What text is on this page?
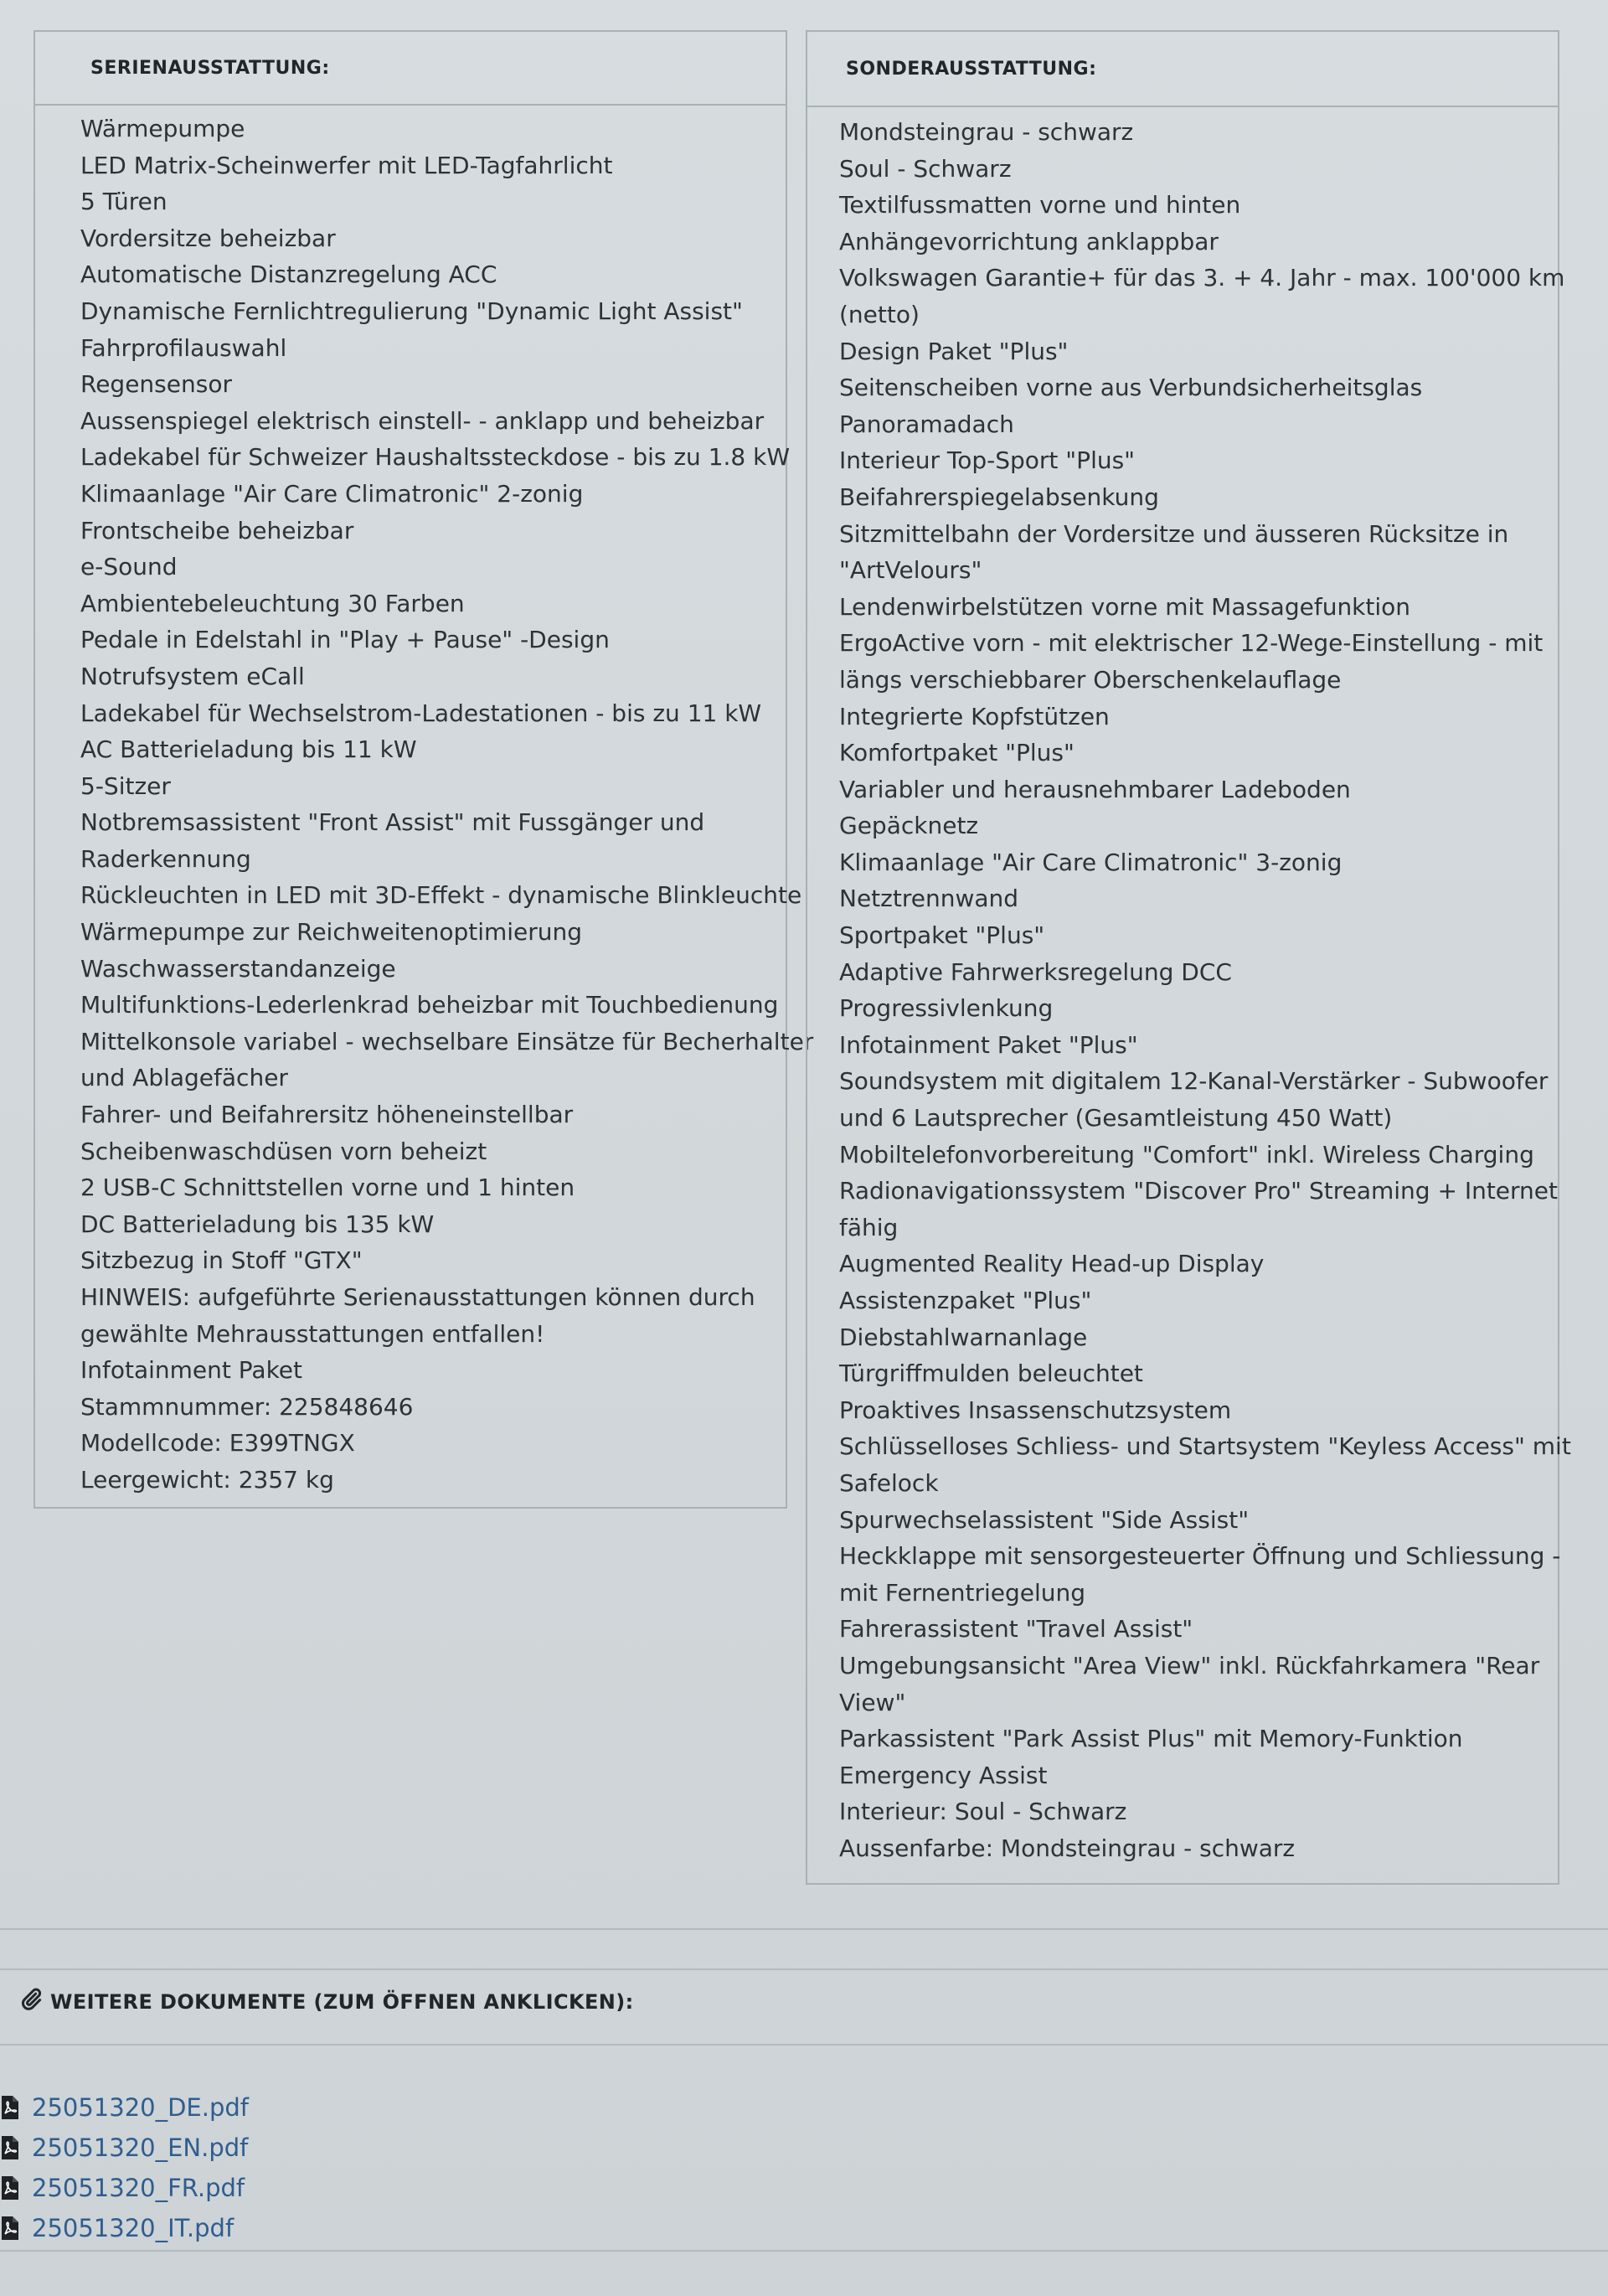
SERIENAUSSTATTUNG:
Wärmepumpe
LED Matrix-Scheinwerfer mit LED-Tagfahrlicht
5 Türen
Vordersitze beheizbar
Automatische Distanzregelung ACC
Dynamische Fernlichtregulierung "Dynamic Light Assist"
Fahrprofilauswahl
Regensensor
Aussenspiegel elektrisch einstell- - anklapp und beheizbar
Ladekabel für Schweizer Haushaltssteckdose - bis zu 1.8 kW
Klimaanlage "Air Care Climatronic" 2-zonig
Frontscheibe beheizbar
e-Sound
Ambientebeleuchtung 30 Farben
Pedale in Edelstahl in "Play + Pause" -Design
Notrufsystem eCall
Ladekabel für Wechselstrom-Ladestationen - bis zu 11 kW
AC Batterieladung bis 11 kW
5-Sitzer
Notbremsassistent "Front Assist" mit Fussgänger und
Raderkennung
Rückleuchten in LED mit 3D-Effekt - dynamische Blinkleuchte
Wärmepumpe zur Reichweitenoptimierung
Waschwasserstandanzeige
Multifunktions-Lederlenkrad beheizbar mit Touchbedienung
Mittelkonsole variabel - wechselbare Einsätze für Becherhalter
und Ablagefächer
Fahrer- und Beifahrersitz höheneinstellbar
Scheibenwaschdüsen vorn beheizt
2 USB-C Schnittstellen vorne und 1 hinten
DC Batterieladung bis 135 kW
Sitzbezug in Stoff "GTX"
HINWEIS: aufgeführte Serienausstattungen können durch
gewählte Mehrausstattungen entfallen!
Infotainment Paket
Stammnummer: 225848646
Modellcode: E399TNGX
Leergewicht: 2357 kg
SONDERAUSSTATTUNG:
Mondsteingrau - schwarz
Soul - Schwarz
Textilfussmatten vorne und hinten
Anhängevorrichtung anklappbar
Volkswagen Garantie+ für das 3. + 4. Jahr - max. 100'000 km
(netto)
Design Paket "Plus"
Seitenscheiben vorne aus Verbundsicherheitsglas
Panoramadach
Interieur Top-Sport "Plus"
Beifahrerspiegelabsenkung
Sitzmittelbahn der Vordersitze und äusseren Rücksitze in
"ArtVelours"
Lendenwirbelstützen vorne mit Massagefunktion
ErgoActive vorn - mit elektrischer 12-Wege-Einstellung - mit
längs verschiebbarer Oberschenkelauflage
Integrierte Kopfstützen
Komfortpaket "Plus"
Variabler und herausnehmbarer Ladeboden
Gepäcknetz
Klimaanlage "Air Care Climatronic" 3-zonig
Netztrennwand
Sportpaket "Plus"
Adaptive Fahrwerksregelung DCC
Progressivlenkung
Infotainment Paket "Plus"
Soundsystem mit digitalem 12-Kanal-Verstärker - Subwoofer
und 6 Lautsprecher (Gesamtleistung 450 Watt)
Mobiltelefonvorbereitung "Comfort" inkl. Wireless Charging
Radionavigationssystem "Discover Pro" Streaming + Internet
fähig
Augmented Reality Head-up Display
Assistenzpaket "Plus"
Diebstahlwarnanlage
Türgriffmulden beleuchtet
Proaktives Insassenschutzsystem
Schlüsselloses Schliess- und Startsystem "Keyless Access" mit
Safelock
Spurwechselassistent "Side Assist"
Heckklappe mit sensorgesteuerter Öffnung und Schliessung -
mit Fernentriegelung
Fahrerassistent "Travel Assist"
Umgebungsansicht "Area View" inkl. Rückfahrkamera "Rear
View"
Parkassistent "Park Assist Plus" mit Memory-Funktion
Emergency Assist
Interieur: Soul - Schwarz
Aussenfarbe: Mondsteingrau - schwarz
WEITERE DOKUMENTE (ZUM ÖFFNEN ANKLICKEN):
25051320_DE.pdf
25051320_EN.pdf
25051320_FR.pdf
25051320_IT.pdf
